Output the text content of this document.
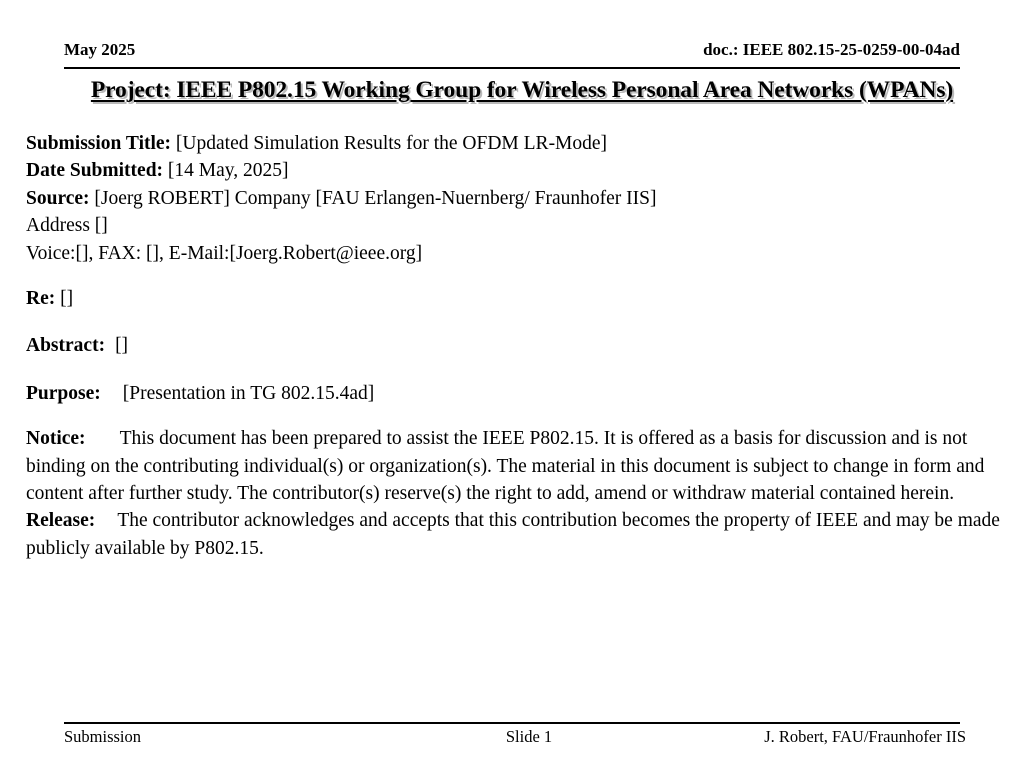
May 2025	doc.: IEEE 802.15-25-0259-00-04ad
Project: IEEE P802.15 Working Group for Wireless Personal Area Networks (WPANs)

Submission Title: [Updated Simulation Results for the OFDM LR-Mode]

Date Submitted: [14 May, 2025]

Source: [Joerg ROBERT] Company [FAU Erlangen-Nuernberg/ Fraunhofer IIS]

Address []

Voice:[], FAX: [], E-Mail:[Joerg.Robert@ieee.org]

Re: []

Abstract: []

Purpose: [Presentation in TG 802.15.4ad]

Notice: This document has been prepared to assist the IEEE P802.15. It is offered as a basis for discussion and is not binding on the contributing individual(s) or organization(s). The material in this document is subject to change in form and content after further study. The contributor(s) reserve(s) the right to add, amend or withdraw material contained herein.

Release: The contributor acknowledges and accepts that this contribution becomes the property of IEEE and may be made publicly available by P802.15.

Submission	Slide 1	J. Robert, FAU/Fraunhofer IIS
